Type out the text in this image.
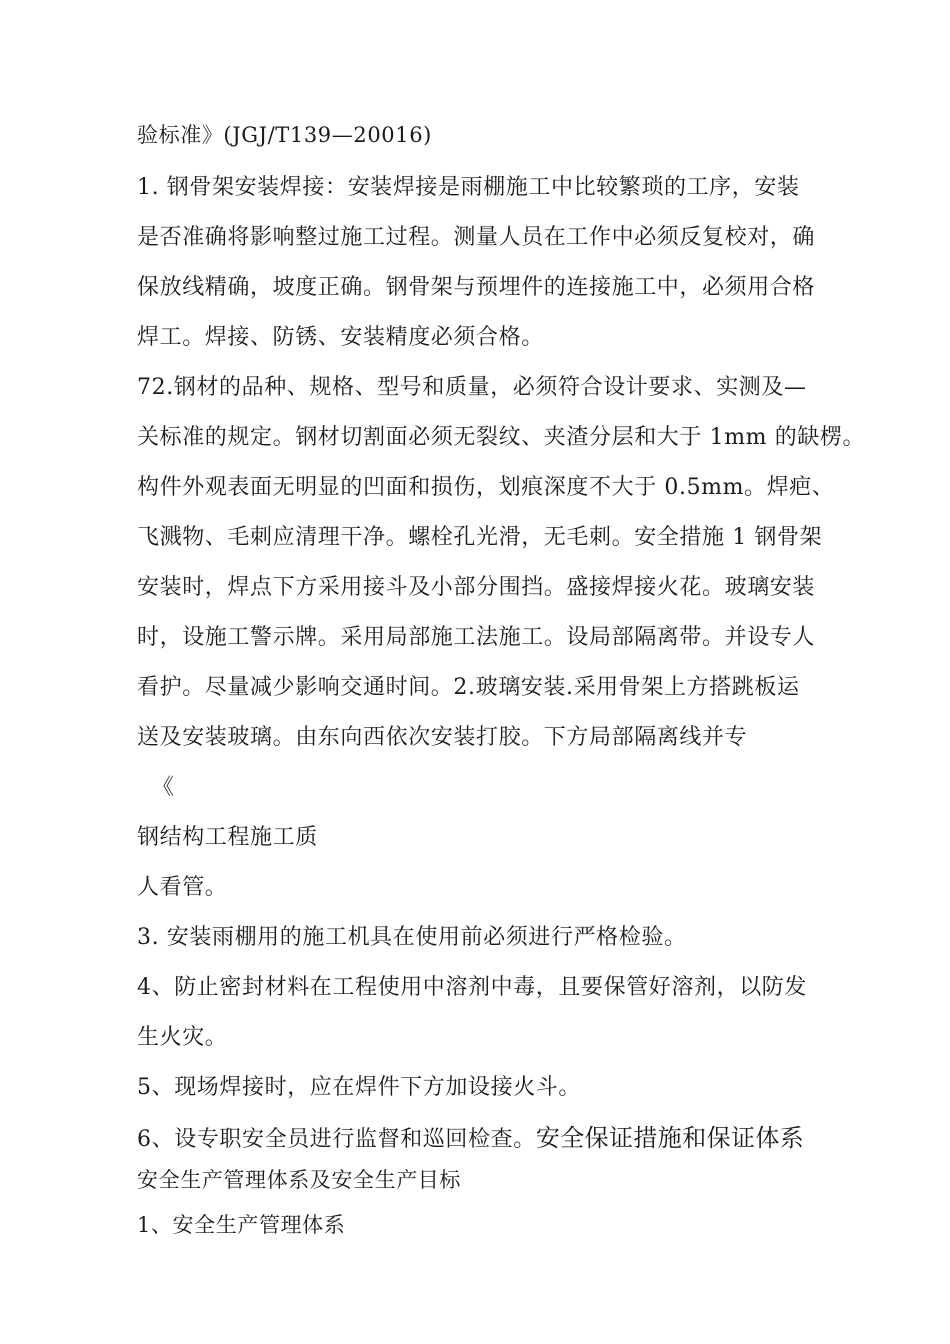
验标准》(JGJ/T139—20016)
1. 钢骨架安装焊接：安装焊接是雨棚施工中比较繁琐的工序，安装
是否准确将影响整过施工过程。测量人员在工作中必须反复校对，确
保放线精确，坡度正确。钢骨架与预埋件的连接施工中，必须用合格
焊工。焊接、防锈、安装精度必须合格。
72.钢材的品种、规格、型号和质量，必须符合设计要求、实测及—
关标准的规定。钢材切割面必须无裂纹、夹渣分层和大于 1mm 的缺楞。
构件外观表面无明显的凹面和损伤，划痕深度不大于 0.5mm。焊疤、
飞溅物、毛刺应清理干净。螺栓孔光滑，无毛刺。安全措施 1 钢骨架
安装时，焊点下方采用接斗及小部分围挡。盛接焊接火花。玻璃安装
时，设施工警示牌。采用局部施工法施工。设局部隔离带。并设专人
看护。尽量减少影响交通时间。2.玻璃安装.采用骨架上方搭跳板运
送及安装玻璃。由东向西依次安装打胶。下方局部隔离线并专
《
钢结构工程施工质
人看管。
3. 安装雨棚用的施工机具在使用前必须进行严格检验。
4、防止密封材料在工程使用中溶剂中毒，且要保管好溶剂，以防发
生火灾。
5、现场焊接时，应在焊件下方加设接火斗。
6、设专职安全员进行监督和巡回检查。安全保证措施和保证体系
安全生产管理体系及安全生产目标
1、安全生产管理体系
